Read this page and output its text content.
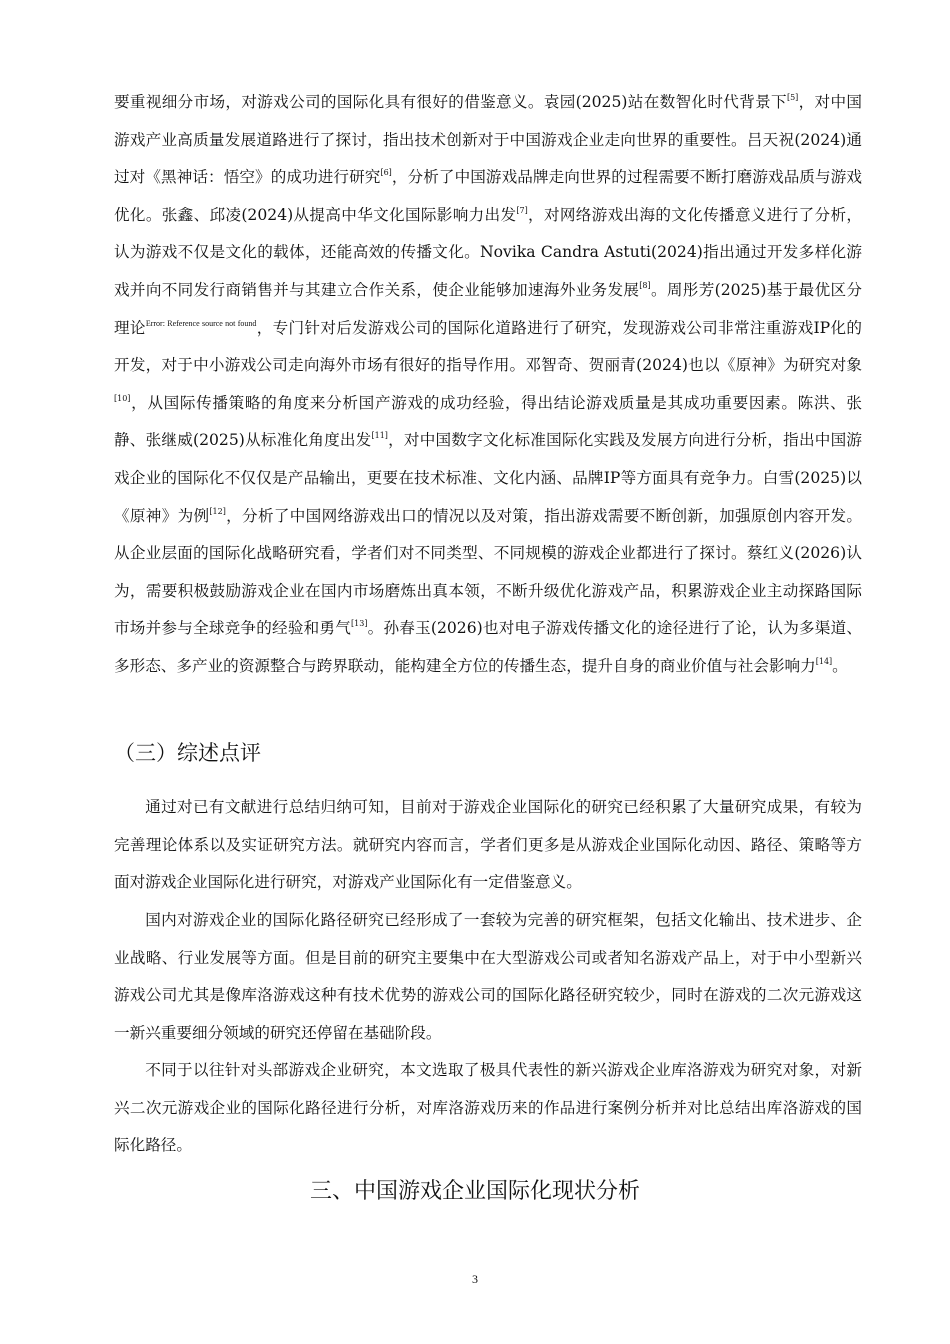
要重视细分市场，对游戏公司的国际化具有很好的借鉴意义。袁园(2025)站在数智化时代背景下[5]，对中国游戏产业高质量发展道路进行了探讨，指出技术创新对于中国游戏企业走向世界的重要性。吕天祝(2024)通过对《黑神话：悟空》的成功进行研究[6]，分析了中国游戏品牌走向世界的过程需要不断打磨游戏品质与游戏优化。张鑫、邱凌(2024)从提高中华文化国际影响力出发[7]，对网络游戏出海的文化传播意义进行了分析，认为游戏不仅是文化的载体，还能高效的传播文化。Novika Candra Astuti(2024)指出通过开发多样化游戏并向不同发行商销售并与其建立合作关系，使企业能够加速海外业务发展[8]。周彤芳(2025)基于最优区分理论$^{Error: Reference source not found}$，专门针对后发游戏公司的国际化道路进行了研究，发现游戏公司非常注重游戏IP化的开发，对于中小游戏公司走向海外市场有很好的指导作用。邓智奇、贺丽青(2024)也以《原神》为研究对象[10]，从国际传播策略的角度来分析国产游戏的成功经验，得出结论游戏质量是其成功重要因素。陈洪、张静、张继威(2025)从标准化角度出发[11]，对中国数字文化标准国际化实践及发展方向进行分析，指出中国游戏企业的国际化不仅仅是产品输出，更要在技术标准、文化内涵、品牌IP等方面具有竞争力。白雪(2025)以《原神》为例[12]，分析了中国网络游戏出口的情况以及对策，指出游戏需要不断创新，加强原创内容开发。从企业层面的国际化战略研究看，学者们对不同类型、不同规模的游戏企业都进行了探讨。蔡红义(2026)认为，需要积极鼓励游戏企业在国内市场磨炼出真本领，不断升级优化游戏产品，积累游戏企业主动探路国际市场并参与全球竞争的经验和勇气[13]。孙春玉(2026)也对电子游戏传播文化的途径进行了论，认为多渠道、多形态、多产业的资源整合与跨界联动，能构建全方位的传播生态，提升自身的商业价值与社会影响力[14]。

（三）综述点评

通过对已有文献进行总结归纳可知，目前对于游戏企业国际化的研究已经积累了大量研究成果，有较为完善理论体系以及实证研究方法。就研究内容而言，学者们更多是从游戏企业国际化动因、路径、策略等方面对游戏企业国际化进行研究，对游戏产业国际化有一定借鉴意义。

国内对游戏企业的国际化路径研究已经形成了一套较为完善的研究框架，包括文化输出、技术进步、企业战略、行业发展等方面。但是目前的研究主要集中在大型游戏公司或者知名游戏产品上，对于中小型新兴游戏公司尤其是像库洛游戏这种有技术优势的游戏公司的国际化路径研究较少，同时在游戏的二次元游戏这一新兴重要细分领域的研究还停留在基础阶段。

不同于以往针对头部游戏企业研究，本文选取了极具代表性的新兴游戏企业库洛游戏为研究对象，对新兴二次元游戏企业的国际化路径进行分析，对库洛游戏历来的作品进行案例分析并对比总结出库洛游戏的国际化路径。

三、中国游戏企业国际化现状分析
3
